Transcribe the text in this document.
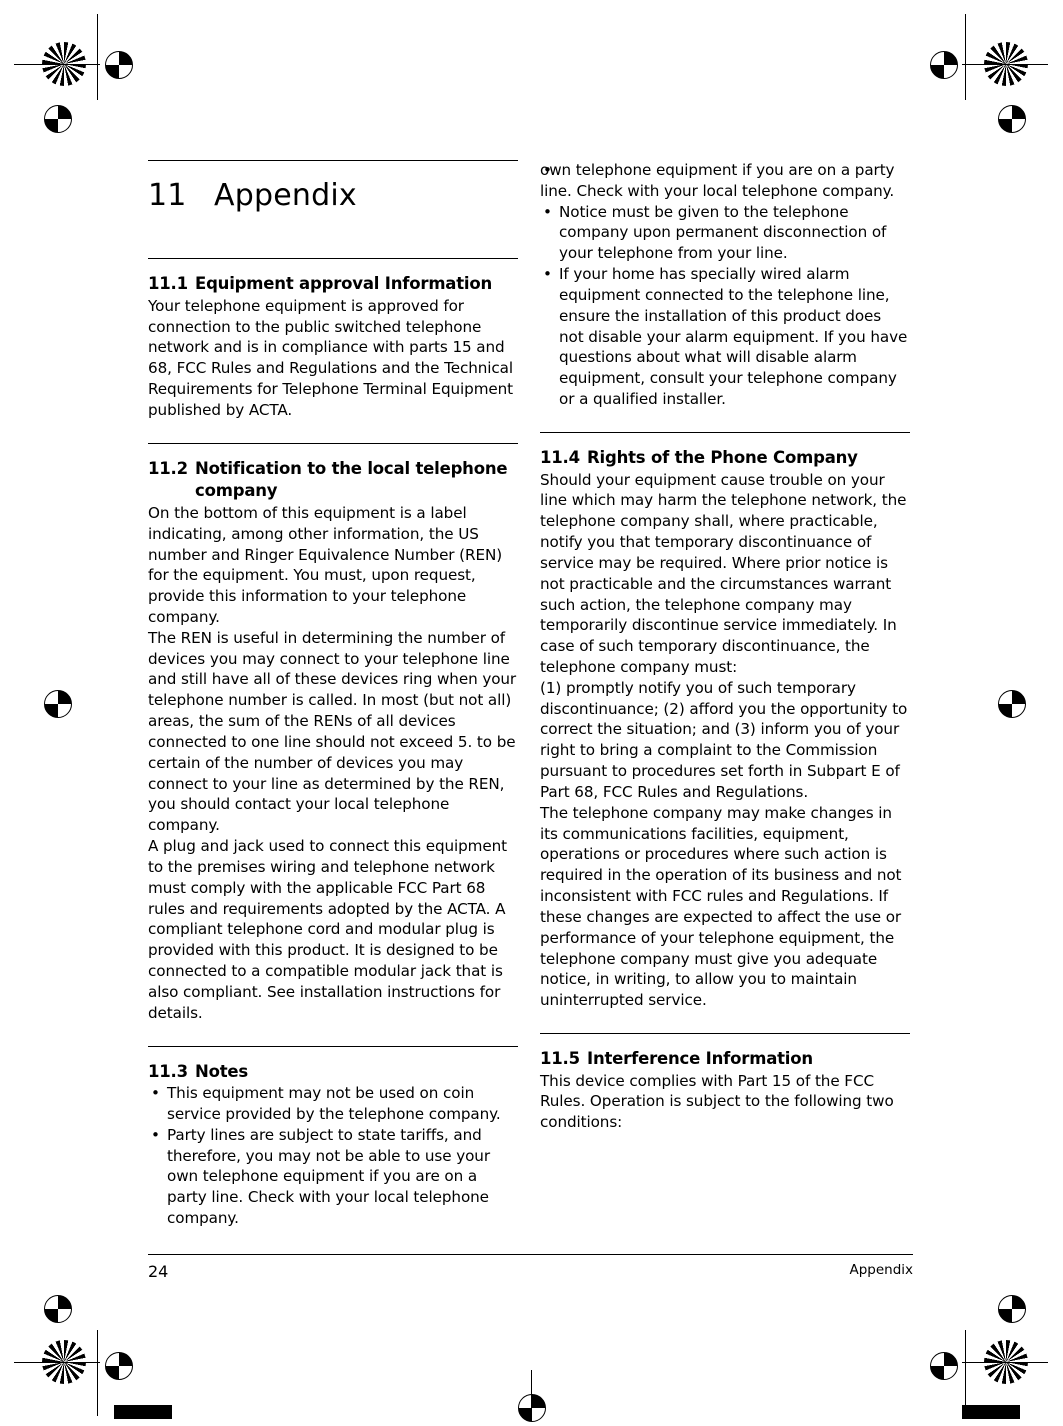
11 Appendix
11.1 Equipment approval Information

Your telephone equipment is approved for connection to the public switched telephone network and is in compliance with parts 15 and 68, FCC Rules and Regulations and the Technical Requirements for Telephone Terminal Equipment published by ACTA.

11.2 Notification to the local telephone company

On the bottom of this equipment is a label indicating, among other information, the US number and Ringer Equivalence Number (REN) for the equipment. You must, upon request, provide this information to your telephone company.

The REN is useful in determining the number of devices you may connect to your telephone line and still have all of these devices ring when your telephone number is called. In most (but not all) areas, the sum of the RENs of all devices connected to one line should not exceed 5. to be certain of the number of devices you may connect to your line as determined by the REN, you should contact your local telephone company.

A plug and jack used to connect this equipment to the premises wiring and telephone network must comply with the applicable FCC Part 68 rules and requirements adopted by the ACTA. A compliant telephone cord and modular plug is provided with this product. It is designed to be connected to a compatible modular jack that is also compliant. See installation instructions for details.

11.3 Notes
• This equipment may not be used on coin service provided by the telephone company.
• Party lines are subject to state tariffs, and therefore, you may not be able to use your own telephone equipment if you are on a party line. Check with your local telephone company.
• own telephone equipment if you are on a party line. Check with your local telephone company.
• Notice must be given to the telephone company upon permanent disconnection of your telephone from your line.
• If your home has specially wired alarm equipment connected to the telephone line, ensure the installation of this product does not disable your alarm equipment. If you have questions about what will disable alarm equipment, consult your telephone company or a qualified installer.
11.4 Rights of the Phone Company

Should your equipment cause trouble on your line which may harm the telephone network, the telephone company shall, where practicable, notify you that temporary discontinuance of service may be required. Where prior notice is not practicable and the circumstances warrant such action, the telephone company may temporarily discontinue service immediately. In case of such temporary discontinuance, the telephone company must:

(1) promptly notify you of such temporary discontinuance; (2) afford you the opportunity to correct the situation; and (3) inform you of your right to bring a complaint to the Commission pursuant to procedures set forth in Subpart E of Part 68, FCC Rules and Regulations.

The telephone company may make changes in its communications facilities, equipment, operations or procedures where such action is required in the operation of its business and not inconsistent with FCC rules and Regulations. If these changes are expected to affect the use or performance of your telephone equipment, the telephone company must give you adequate notice, in writing, to allow you to maintain uninterrupted service.

11.5 Interference Information

This device complies with Part 15 of the FCC Rules. Operation is subject to the following two conditions:

24	Appendix
